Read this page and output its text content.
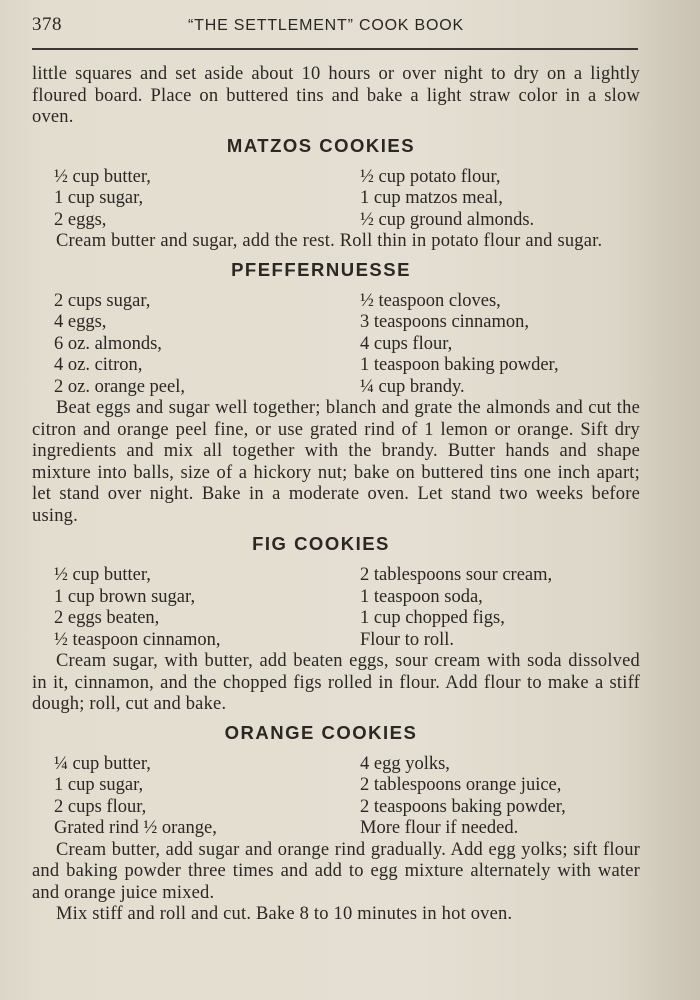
378	“THE SETTLEMENT” COOK BOOK

little squares and set aside about 10 hours or over night to dry on a lightly floured board. Place on buttered tins and bake a light straw color in a slow oven.

MATZOS COOKIES
½ cup butter,
1 cup sugar,
2 eggs,
½ cup potato flour,
1 cup matzos meal,
½ cup ground almonds.

Cream butter and sugar, add the rest. Roll thin in potato flour and sugar.

PFEFFERNUESSE
2 cups sugar,
4 eggs,
6 oz. almonds,
4 oz. citron,
2 oz. orange peel,
½ teaspoon cloves,
3 teaspoons cinnamon,
4 cups flour,
1 teaspoon baking powder,
¼ cup brandy.

Beat eggs and sugar well together; blanch and grate the almonds and cut the citron and orange peel fine, or use grated rind of 1 lemon or orange. Sift dry ingredients and mix all together with the brandy. Butter hands and shape mixture into balls, size of a hickory nut; bake on buttered tins one inch apart; let stand over night. Bake in a moderate oven. Let stand two weeks before using.

FIG COOKIES
½ cup butter,
1 cup brown sugar,
2 eggs beaten,
½ teaspoon cinnamon,
2 tablespoons sour cream,
1 teaspoon soda,
1 cup chopped figs,
Flour to roll.

Cream sugar, with butter, add beaten eggs, sour cream with soda dissolved in it, cinnamon, and the chopped figs rolled in flour. Add flour to make a stiff dough; roll, cut and bake.

ORANGE COOKIES
¼ cup butter,
1 cup sugar,
2 cups flour,
Grated rind ½ orange,
4 egg yolks,
2 tablespoons orange juice,
2 teaspoons baking powder,
More flour if needed.

Cream butter, add sugar and orange rind gradually. Add egg yolks; sift flour and baking powder three times and add to egg mixture alternately with water and orange juice mixed.

Mix stiff and roll and cut. Bake 8 to 10 minutes in hot oven.
